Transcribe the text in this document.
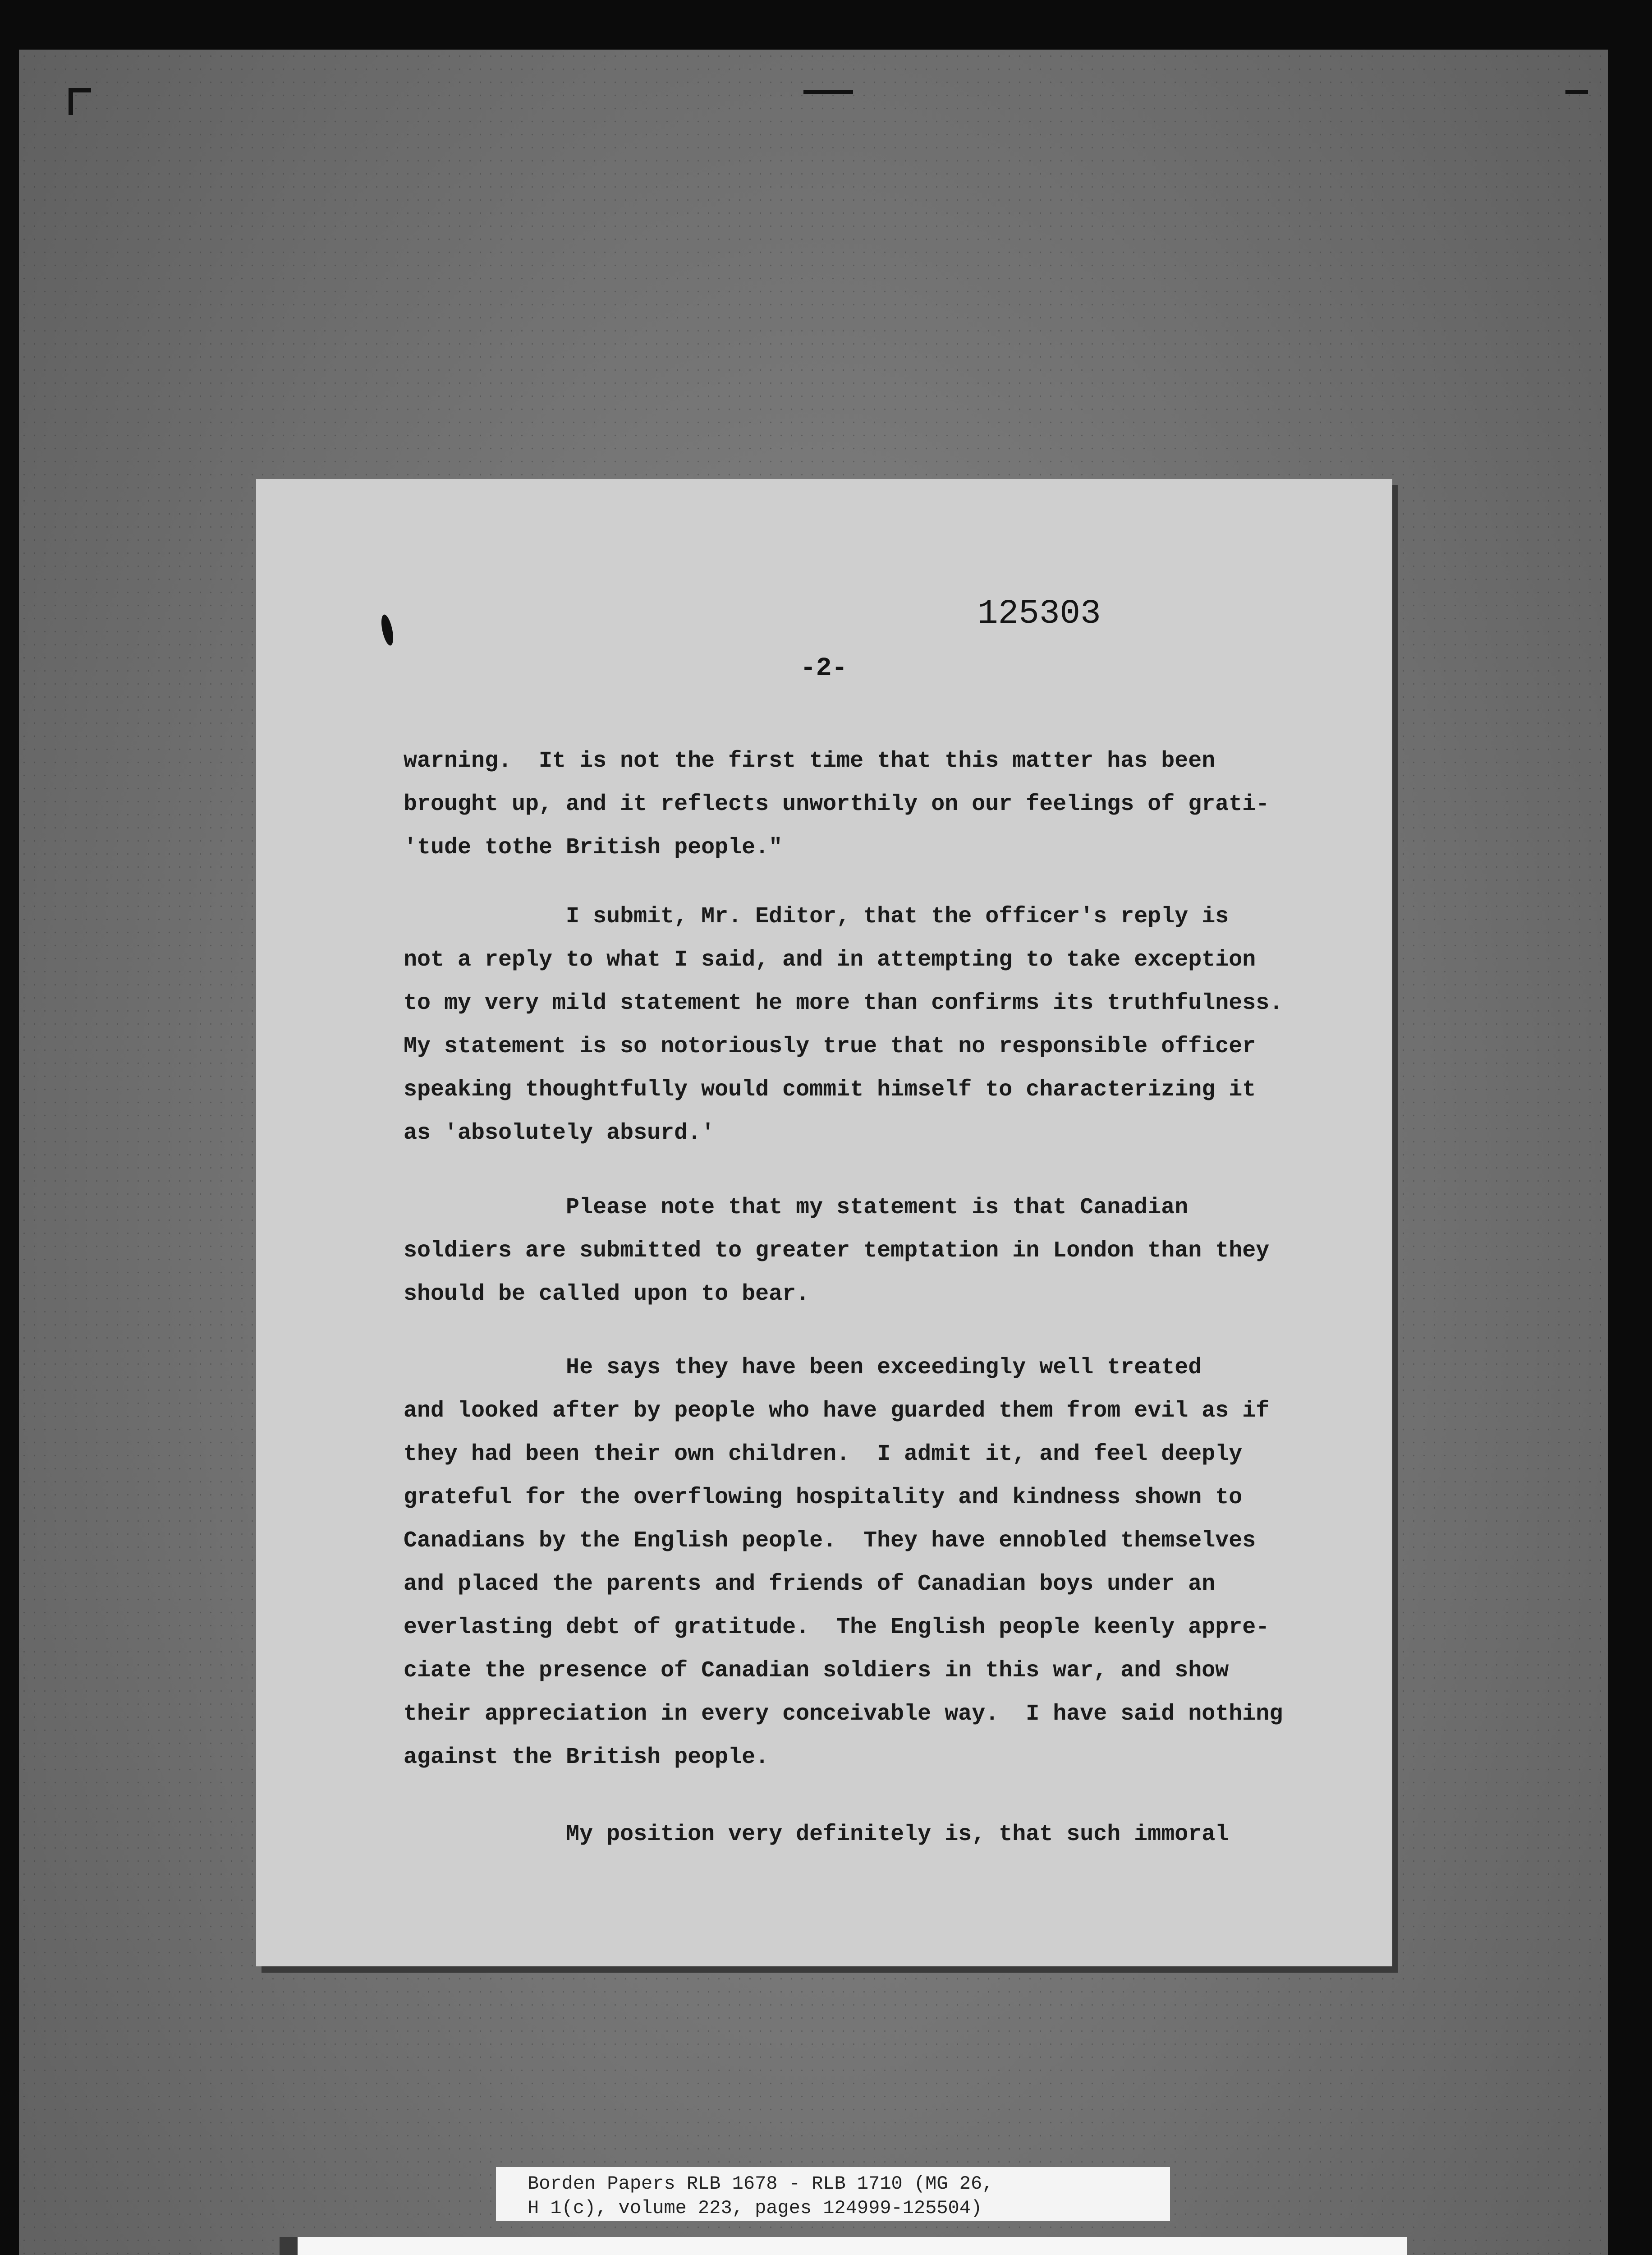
125303
-2-
warning.  It is not the first time that this matter has been
brought up, and it reflects unworthily on our feelings of grati-
'tude tothe British people."
I submit, Mr. Editor, that the officer's reply is
not a reply to what I said, and in attempting to take exception
to my very mild statement he more than confirms its truthfulness.
My statement is so notoriously true that no responsible officer
speaking thoughtfully would commit himself to characterizing it
as 'absolutely absurd.'
Please note that my statement is that Canadian
soldiers are submitted to greater temptation in London than they
should be called upon to bear.
He says they have been exceedingly well treated
and looked after by people who have guarded them from evil as if
they had been their own children.  I admit it, and feel deeply
grateful for the overflowing hospitality and kindness shown to
Canadians by the English people.  They have ennobled themselves
and placed the parents and friends of Canadian boys under an
everlasting debt of gratitude.  The English people keenly appre-
ciate the presence of Canadian soldiers in this war, and show
their appreciation in every conceivable way.  I have said nothing
against the British people.
My position very definitely is, that such immoral
Borden Papers RLB 1678 - RLB 1710 (MG 26,
H 1(c), volume 223, pages 124999-125504)
